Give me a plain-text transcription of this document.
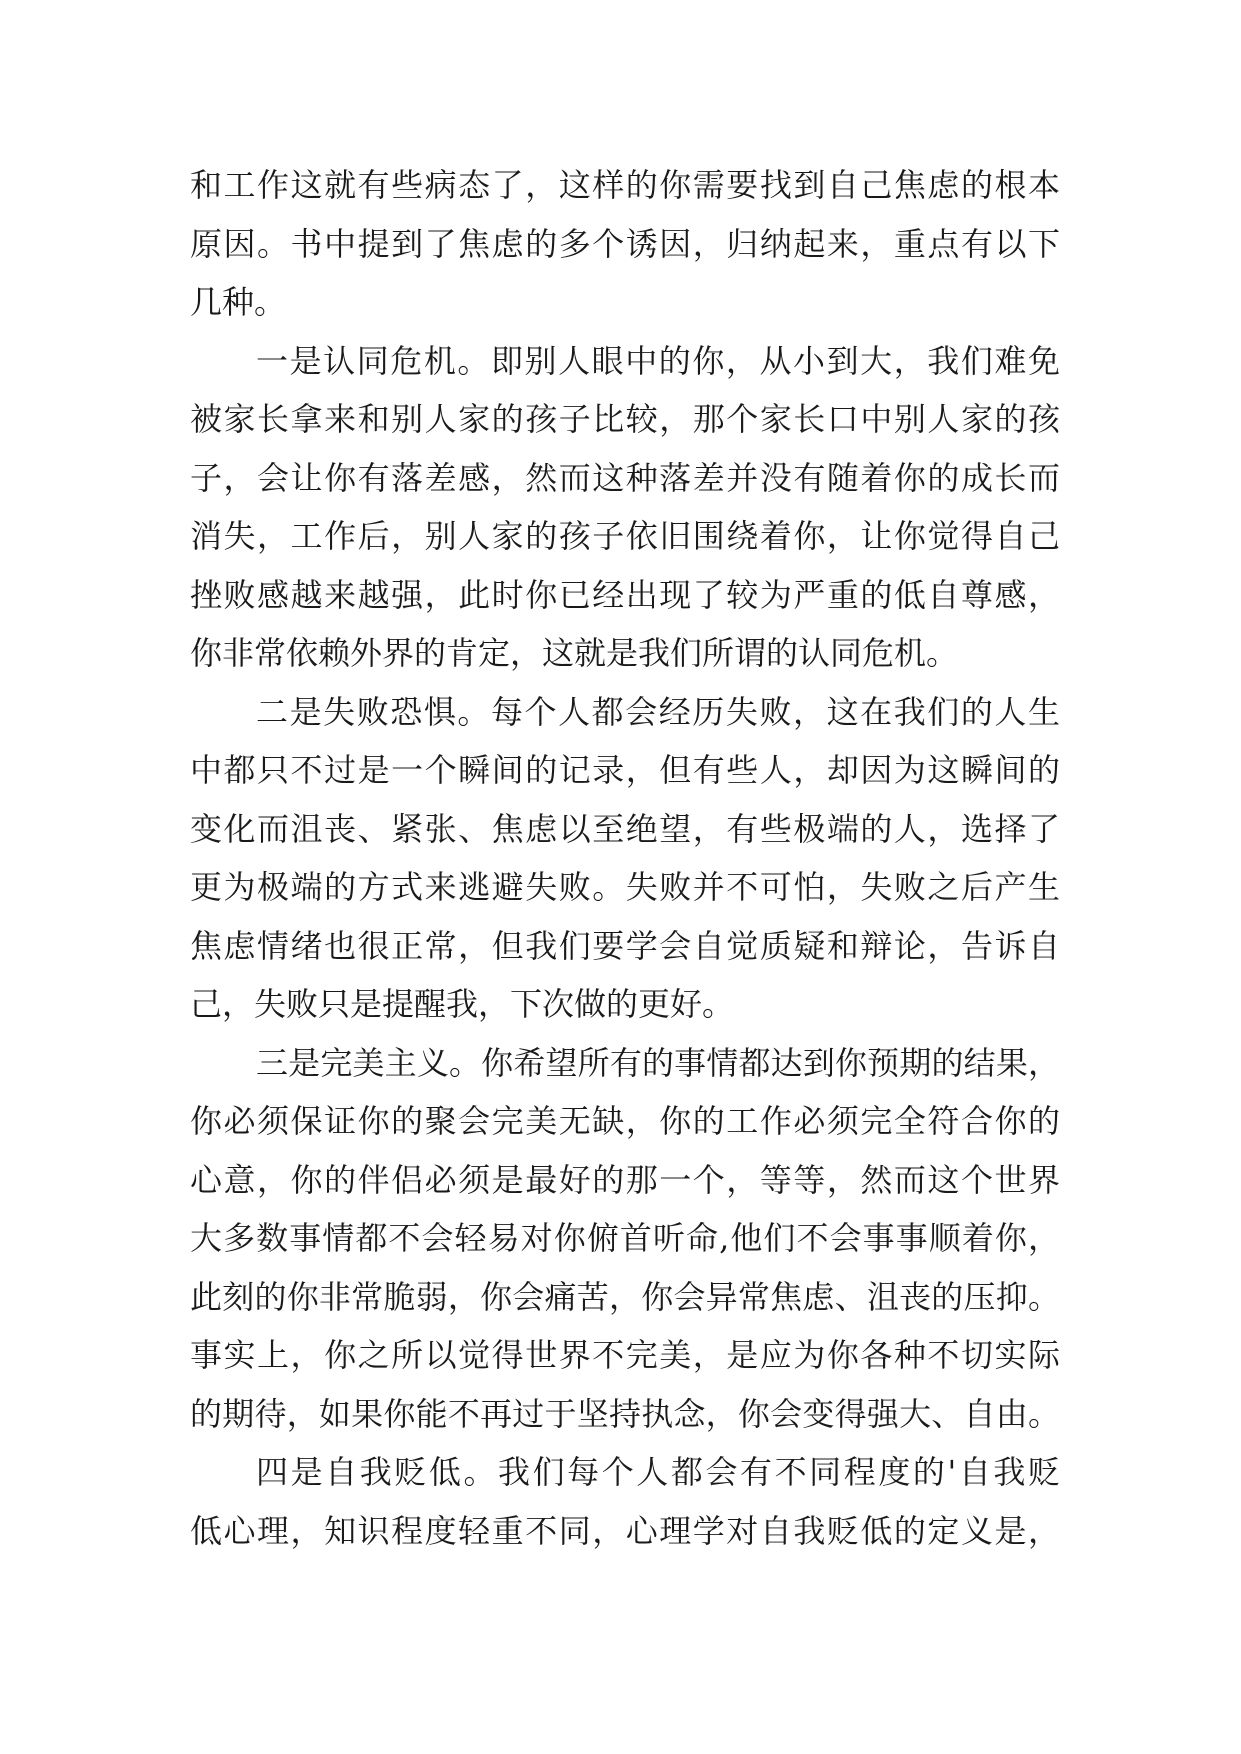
和工作这就有些病态了，这样的你需要找到自己焦虑的根本
原因。书中提到了焦虑的多个诱因，归纳起来，重点有以下
几种。
一是认同危机。即别人眼中的你，从小到大，我们难免
被家长拿来和别人家的孩子比较，那个家长口中别人家的孩
子，会让你有落差感，然而这种落差并没有随着你的成长而
消失，工作后，别人家的孩子依旧围绕着你，让你觉得自己
挫败感越来越强，此时你已经出现了较为严重的低自尊感，
你非常依赖外界的肯定，这就是我们所谓的认同危机。
二是失败恐惧。每个人都会经历失败，这在我们的人生
中都只不过是一个瞬间的记录，但有些人，却因为这瞬间的
变化而沮丧、紧张、焦虑以至绝望，有些极端的人，选择了
更为极端的方式来逃避失败。失败并不可怕，失败之后产生
焦虑情绪也很正常，但我们要学会自觉质疑和辩论，告诉自
己，失败只是提醒我，下次做的更好。
三是完美主义。你希望所有的事情都达到你预期的结果，
你必须保证你的聚会完美无缺，你的工作必须完全符合你的
心意，你的伴侣必须是最好的那一个，等等，然而这个世界
大多数事情都不会轻易对你俯首听命,他们不会事事顺着你，
此刻的你非常脆弱，你会痛苦，你会异常焦虑、沮丧的压抑。
事实上，你之所以觉得世界不完美，是应为你各种不切实际
的期待，如果你能不再过于坚持执念，你会变得强大、自由。
四是自我贬低。我们每个人都会有不同程度的'自我贬
低心理，知识程度轻重不同，心理学对自我贬低的定义是，
